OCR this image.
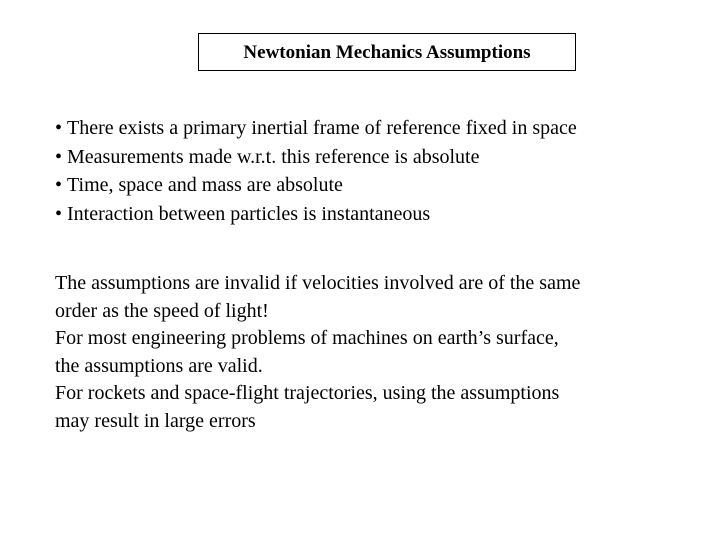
Newtonian Mechanics Assumptions
• There exists a primary inertial frame of reference fixed in space
• Measurements made w.r.t. this reference is absolute
• Time, space and mass are absolute
• Interaction between particles is instantaneous
The assumptions are invalid if velocities involved are of the same
order as the speed of light!
For most engineering problems of machines on earth’s surface,
the assumptions are valid.
For rockets and space-flight trajectories, using the assumptions
may result in large errors
